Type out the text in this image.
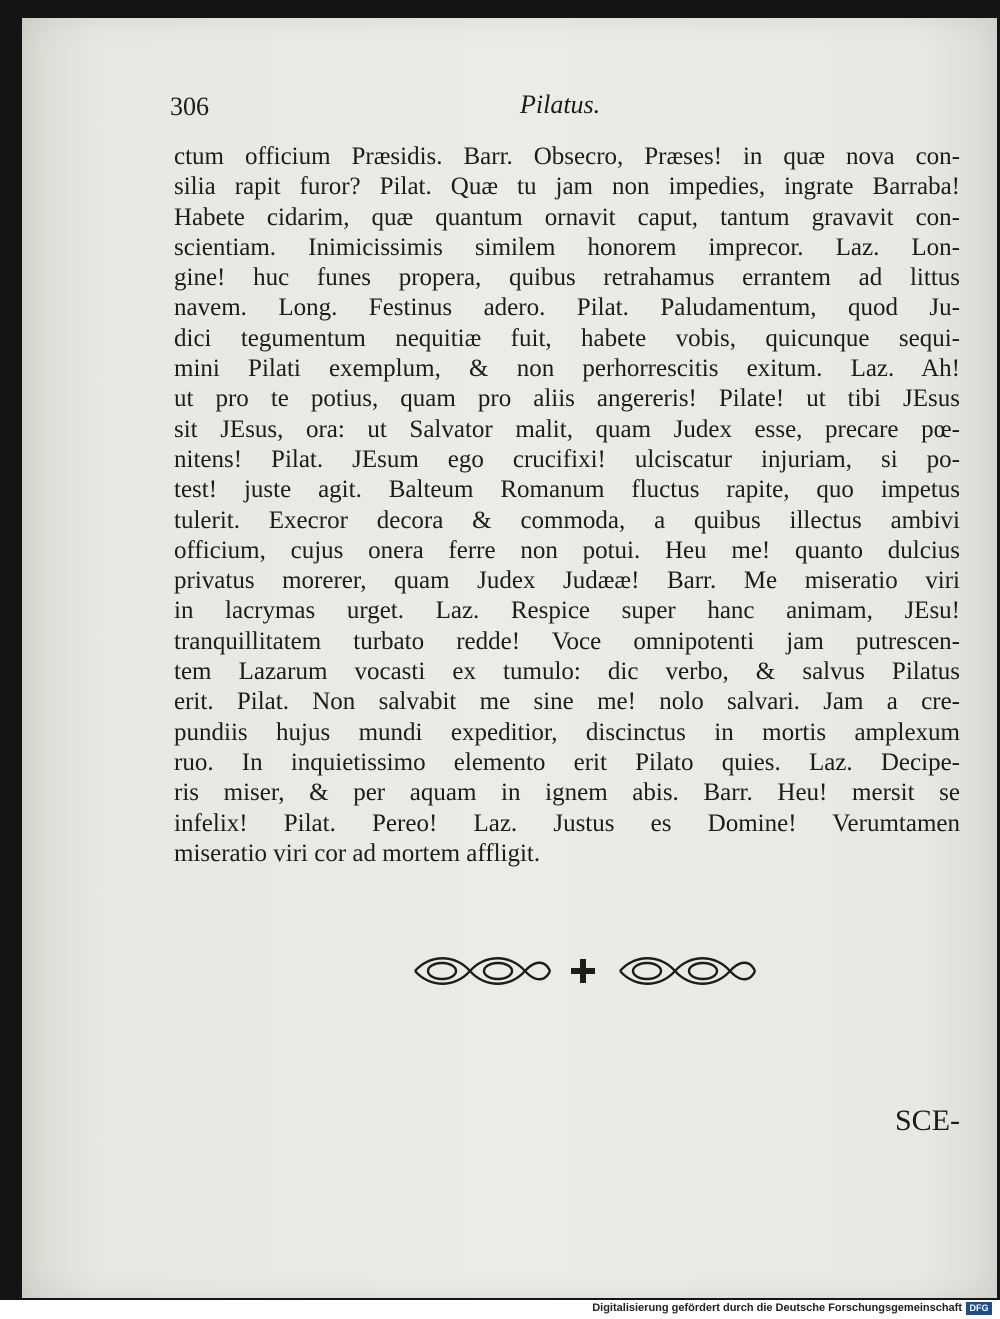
306	Pilatus.
ctum officium Præsidis. Barr. Obsecro, Præses! in quæ nova con-
silia rapit furor? Pilat. Quæ tu jam non impedies, ingrate Barraba!
Habete cidarim, quæ quantum ornavit caput, tantum gravavit con-
scientiam. Inimicissimis similem honorem imprecor. Laz. Lon-
gine! huc funes propera, quibus retrahamus errantem ad littus
navem. Long. Festinus adero. Pilat. Paludamentum, quod Ju-
dici tegumentum nequitiæ fuit, habete vobis, quicunque sequi-
mini Pilati exemplum, & non perhorrescitis exitum. Laz. Ah!
ut pro te potius, quam pro aliis angereris! Pilate! ut tibi JEsus
sit JEsus, ora: ut Salvator malit, quam Judex esse, precare pœ-
nitens! Pilat. JEsum ego crucifixi! ulciscatur injuriam, si po-
test! juste agit. Balteum Romanum fluctus rapite, quo impetus
tulerit. Execror decora & commoda, a quibus illectus ambivi
officium, cujus onera ferre non potui. Heu me! quanto dulcius
privatus morerer, quam Judex Judææ! Barr. Me miseratio viri
in lacrymas urget. Laz. Respice super hanc animam, JEsu!
tranquillitatem turbato redde! Voce omnipotenti jam putrescen-
tem Lazarum vocasti ex tumulo: dic verbo, & salvus Pilatus
erit. Pilat. Non salvabit me sine me! nolo salvari. Jam a cre-
pundiis hujus mundi expeditior, discinctus in mortis amplexum
ruo. In inquietissimo elemento erit Pilato quies. Laz. Decipe-
ris miser, & per aquam in ignem abis. Barr. Heu! mersit se
infelix! Pilat. Pereo! Laz. Justus es Domine! Verumtamen
miseratio viri cor ad mortem affligit.
SCE-
Digitalisierung gefördert durch die Deutsche Forschungsgemeinschaft DFG
